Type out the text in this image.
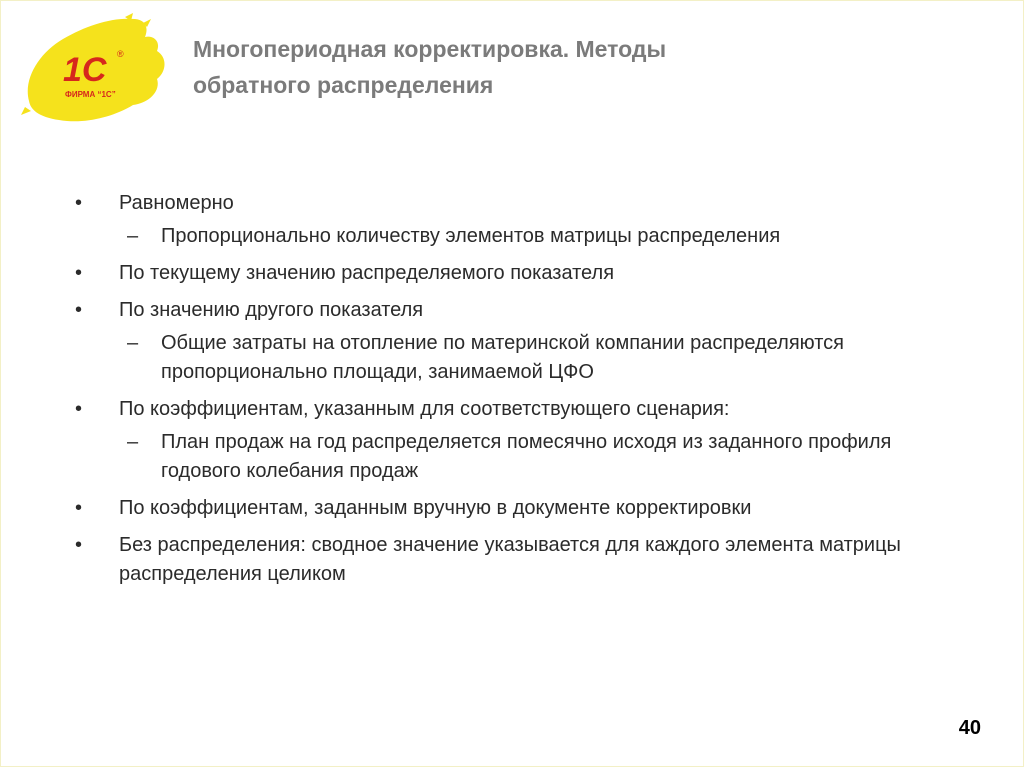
1С ®
ФИРМА “1С”
Многопериодная корректировка. Методы
обратного распределения
• Равномерно
– Пропорционально количеству элементов матрицы распределения
• По текущему значению распределяемого показателя
• По значению другого показателя
– Общие затраты на отопление по материнской компании распределяются пропорционально площади, занимаемой ЦФО
• По коэффициентам, указанным для соответствующего сценария:
– План продаж на год распределяется помесячно исходя из заданного профиля годового колебания продаж
• По коэффициентам, заданным вручную в документе корректировки
• Без распределения: сводное значение указывается для каждого элемента матрицы распределения целиком
40
